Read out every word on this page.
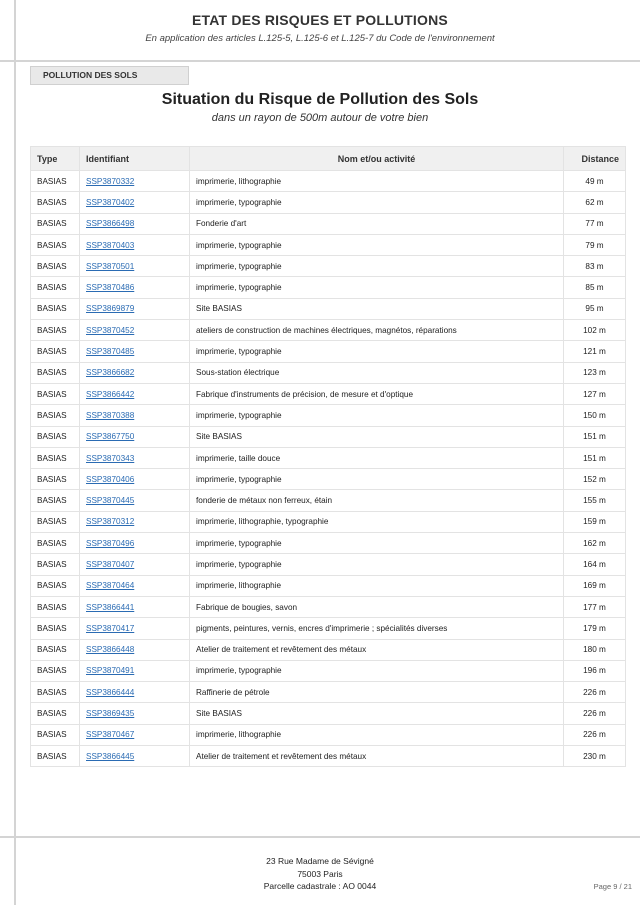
ETAT DES RISQUES ET POLLUTIONS
En application des articles L.125-5, L.125-6 et L.125-7 du Code de l'environnement
POLLUTION DES SOLS
Situation du Risque de Pollution des Sols
dans un rayon de 500m autour de votre bien
Type	Identifiant	Nom et/ou activité	Distance
BASIAS	SSP3870332	imprimerie, lithographie	49 m
BASIAS	SSP3870402	imprimerie, typographie	62 m
BASIAS	SSP3866498	Fonderie d'art	77 m
BASIAS	SSP3870403	imprimerie, typographie	79 m
BASIAS	SSP3870501	imprimerie, typographie	83 m
BASIAS	SSP3870486	imprimerie, typographie	85 m
BASIAS	SSP3869879	Site BASIAS	95 m
BASIAS	SSP3870452	ateliers de construction de machines électriques, magnétos, réparations	102 m
BASIAS	SSP3870485	imprimerie, typographie	121 m
BASIAS	SSP3866682	Sous-station électrique	123 m
BASIAS	SSP3866442	Fabrique d'instruments de précision, de mesure et d'optique	127 m
BASIAS	SSP3870388	imprimerie, typographie	150 m
BASIAS	SSP3867750	Site BASIAS	151 m
BASIAS	SSP3870343	imprimerie, taille douce	151 m
BASIAS	SSP3870406	imprimerie, typographie	152 m
BASIAS	SSP3870445	fonderie de métaux non ferreux, étain	155 m
BASIAS	SSP3870312	imprimerie, lithographie, typographie	159 m
BASIAS	SSP3870496	imprimerie, typographie	162 m
BASIAS	SSP3870407	imprimerie, typographie	164 m
BASIAS	SSP3870464	imprimerie, lithographie	169 m
BASIAS	SSP3866441	Fabrique de bougies, savon	177 m
BASIAS	SSP3870417	pigments, peintures, vernis, encres d'imprimerie ; spécialités diverses	179 m
BASIAS	SSP3866448	Atelier de traitement et revêtement des métaux	180 m
BASIAS	SSP3870491	imprimerie, typographie	196 m
BASIAS	SSP3866444	Raffinerie de pétrole	226 m
BASIAS	SSP3869435	Site BASIAS	226 m
BASIAS	SSP3870467	imprimerie, lithographie	226 m
BASIAS	SSP3866445	Atelier de traitement et revêtement des métaux	230 m
23 Rue Madame de Sévigné
75003 Paris
Parcelle cadastrale : AO 0044	Page 9 / 21
